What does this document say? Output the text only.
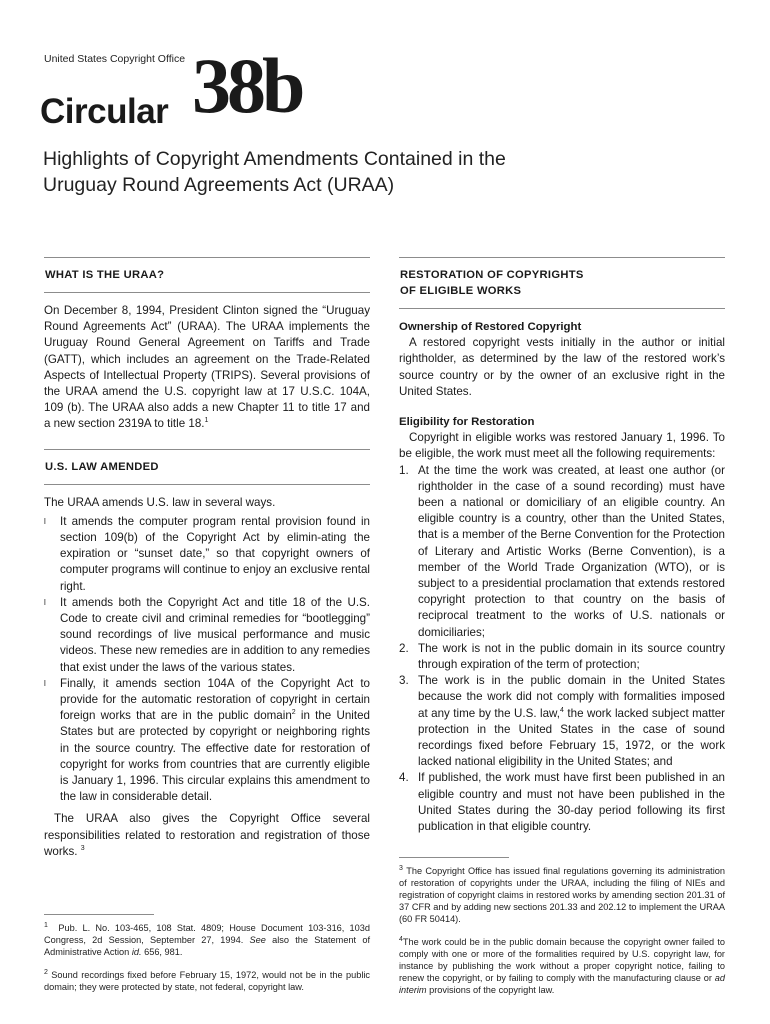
United States Copyright Office
Circular 38b
Highlights of Copyright Amendments Contained in the Uruguay Round Agreements Act (URAA)
WHAT IS THE URAA?

On December 8, 1994, President Clinton signed the “Uruguay Round Agreements Act” (URAA). The URAA implements the Uruguay Round General Agreement on Tariffs and Trade (GATT), which includes an agreement on the Trade-Related Aspects of Intellectual Property (TRIPS). Several provisions of the URAA amend the U.S. copyright law at 17 U.S.C. 104A, 109 (b). The URAA also adds a new Chapter 11 to title 17 and a new section 2319A to title 18.$^1$

U.S. LAW AMENDED

The URAA amends U.S. law in several ways.

l It amends the computer program rental provision found in section 109(b) of the Copyright Act by elimin-ating the expiration or “sunset date,” so that copyright owners of computer programs will continue to enjoy an exclusive rental right.
l It amends both the Copyright Act and title 18 of the U.S. Code to create civil and criminal remedies for “bootlegging” sound recordings of live musical performance and music videos. These new remedies are in addition to any remedies that exist under the laws of the various states.
l Finally, it amends section 104A of the Copyright Act to provide for the automatic restoration of copyright in certain foreign works that are in the public domain$^2$ in the United States but are protected by copyright or neighboring rights in the source country. The effective date for restoration of copyright for works from countries that are currently eligible is January 1, 1996. This circular explains this amendment to the law in considerable detail.

The URAA also gives the Copyright Office several responsibilities related to restoration and registration of those works. $^3$

RESTORATION OF COPYRIGHTS
OF ELIGIBLE WORKS
Ownership of Restored Copyright

A restored copyright vests initially in the author or initial rightholder, as determined by the law of the restored work’s source country or by the owner of an exclusive right in the United States.

Eligibility for Restoration

Copyright in eligible works was restored January 1, 1996. To be eligible, the work must meet all the following requirements:

1. At the time the work was created, at least one author (or rightholder in the case of a sound recording) must have been a national or domiciliary of an eligible country. An eligible country is a country, other than the United States, that is a member of the Berne Convention for the Protection of Literary and Artistic Works (Berne Convention), is a member of the World Trade Organization (WTO), or is subject to a presidential proclamation that extends restored copyright protection to that country on the basis of reciprocal treatment to the works of U.S. nationals or domiciliaries;
2. The work is not in the public domain in its source country through expiration of the term of protection;
3. The work is in the public domain in the United States because the work did not comply with formalities imposed at any time by the U.S. law,$^4$ the work lacked subject matter protection in the United States in the case of sound recordings fixed before February 15, 1972, or the work lacked national eligibility in the United States; and
4. If published, the work must have first been published in an eligible country and must not have been published in the United States during the 30-day period following its first publication in that eligible country.

$^1$ Pub. L. No. 103-465, 108 Stat. 4809; House Document 103-316, 103d Congress, 2d Session, September 27, 1994. See also the Statement of Administrative Action id. 656, 981.

$^2$ Sound recordings fixed before February 15, 1972, would not be in the public domain; they were protected by state, not federal, copyright law.

$^3$ The Copyright Office has issued final regulations governing its administration of restoration of copyrights under the URAA, including the filing of NIEs and registration of copyright claims in restored works by amending section 201.31 of 37 CFR and by adding new sections 201.33 and 202.12 to implement the URAA (60 FR 50414).

$^4$The work could be in the public domain because the copyright owner failed to comply with one or more of the formalities required by U.S. copyright law, for instance by publishing the work without a proper copyright notice, failing to renew the copyright, or by failing to comply with the manufacturing clause or ad interim provisions of the copyright law.
